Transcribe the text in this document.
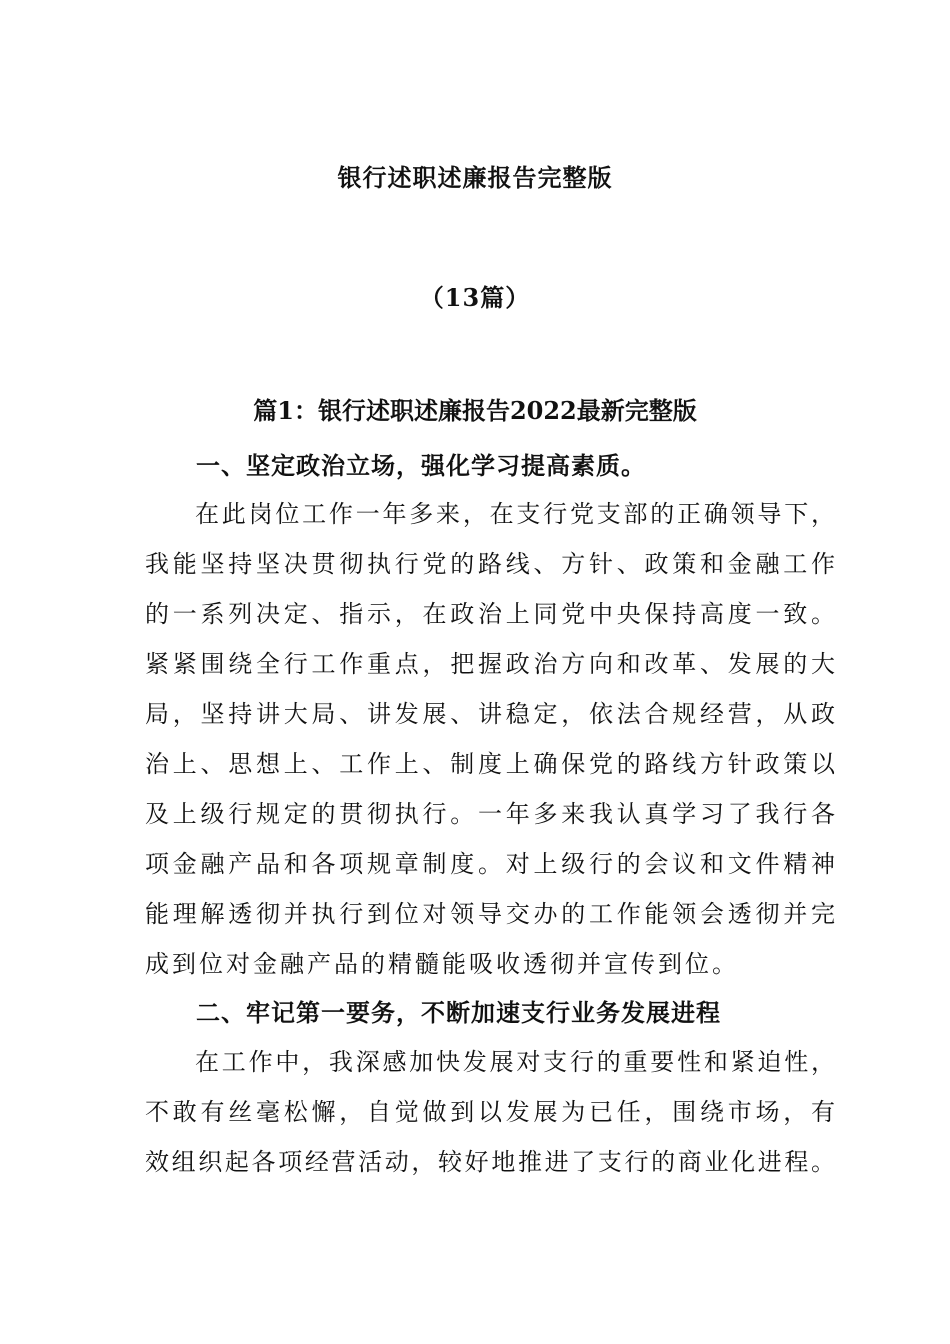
银行述职述廉报告完整版
（13篇）
篇1：银行述职述廉报告2022最新完整版
一、坚定政治立场，强化学习提高素质。
在此岗位工作一年多来，在支行党支部的正确领导下，
我能坚持坚决贯彻执行党的路线、方针、政策和金融工作
的一系列决定、指示，在政治上同党中央保持高度一致。
紧紧围绕全行工作重点，把握政治方向和改革、发展的大
局，坚持讲大局、讲发展、讲稳定，依法合规经营，从政
治上、思想上、工作上、制度上确保党的路线方针政策以
及上级行规定的贯彻执行。一年多来我认真学习了我行各
项金融产品和各项规章制度。对上级行的会议和文件精神
能理解透彻并执行到位对领导交办的工作能领会透彻并完
成到位对金融产品的精髓能吸收透彻并宣传到位。
二、牢记第一要务，不断加速支行业务发展进程
在工作中，我深感加快发展对支行的重要性和紧迫性，
不敢有丝毫松懈，自觉做到以发展为已任，围绕市场，有
效组织起各项经营活动，较好地推进了支行的商业化进程。
